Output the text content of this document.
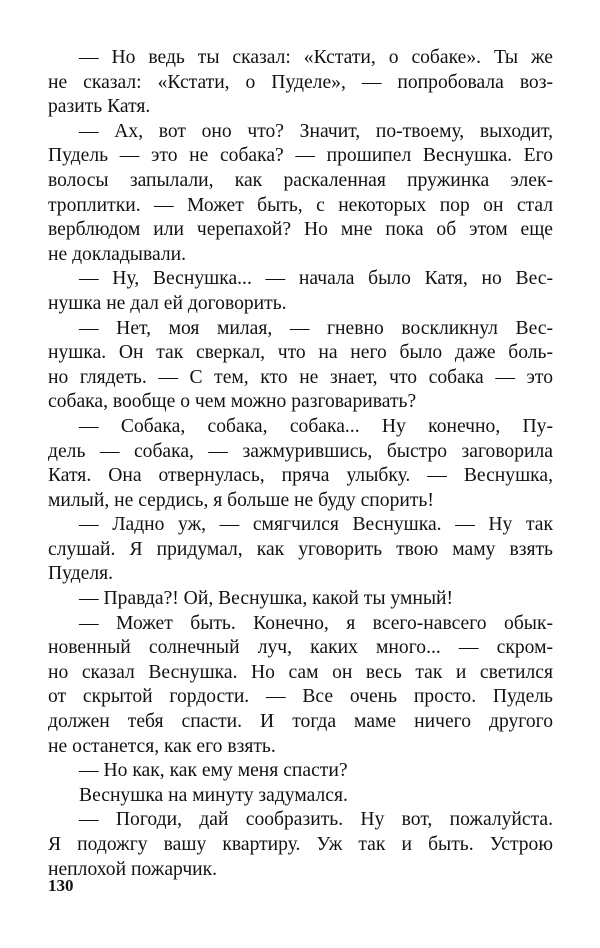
— Но ведь ты сказал: «Кстати, о собаке». Ты же
не сказал: «Кстати, о Пуделе», — попробовала воз-
разить Катя.
— Ах, вот оно что? Значит, по-твоему, выходит,
Пудель — это не собака? — прошипел Веснушка. Его
волосы запылали, как раскаленная пружинка элек-
троплитки. — Может быть, с некоторых пор он стал
верблюдом или черепахой? Но мне пока об этом еще
не докладывали.
— Ну, Веснушка... — начала было Катя, но Вес-
нушка не дал ей договорить.
— Нет, моя милая, — гневно воскликнул Вес-
нушка. Он так сверкал, что на него было даже боль-
но глядеть. — С тем, кто не знает, что собака — это
собака, вообще о чем можно разговаривать?
— Собака, собака, собака... Ну конечно, Пу-
дель — собака, — зажмурившись, быстро заговорила
Катя. Она отвернулась, пряча улыбку. — Веснушка,
милый, не сердись, я больше не буду спорить!
— Ладно уж, — смягчился Веснушка. — Ну так
слушай. Я придумал, как уговорить твою маму взять
Пуделя.
— Правда?! Ой, Веснушка, какой ты умный!
— Может быть. Конечно, я всего-навсего обык-
новенный солнечный луч, каких много... — скром-
но сказал Веснушка. Но сам он весь так и светился
от скрытой гордости. — Все очень просто. Пудель
должен тебя спасти. И тогда маме ничего другого
не останется, как его взять.
— Но как, как ему меня спасти?
Веснушка на минуту задумался.
— Погоди, дай сообразить. Ну вот, пожалуйста.
Я подожгу вашу квартиру. Уж так и быть. Устрою
неплохой пожарчик.
130
